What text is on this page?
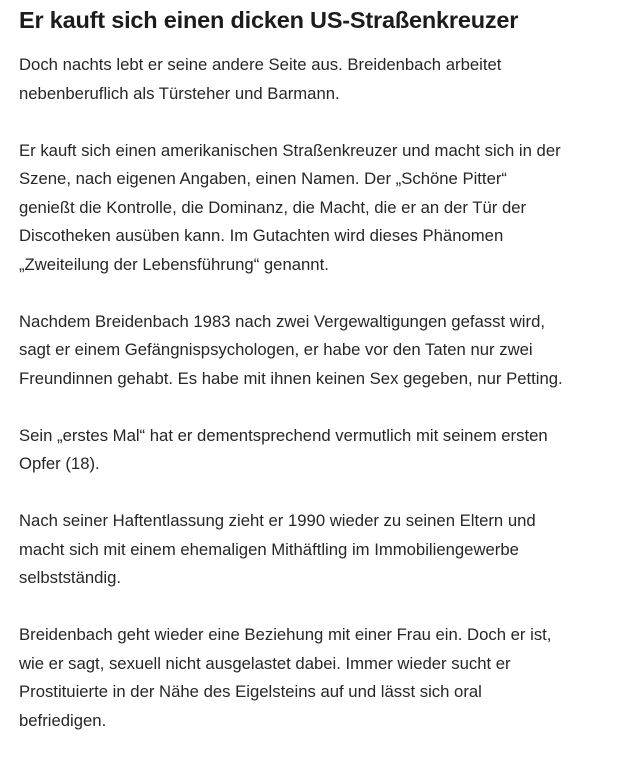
Er kauft sich einen dicken US-Straßenkreuzer

Doch nachts lebt er seine andere Seite aus. Breidenbach arbeitet
nebenberuflich als Türsteher und Barmann.

Er kauft sich einen amerikanischen Straßenkreuzer und macht sich in der
Szene, nach eigenen Angaben, einen Namen. Der „Schöne Pitter“
genießt die Kontrolle, die Dominanz, die Macht, die er an der Tür der
Discotheken ausüben kann. Im Gutachten wird dieses Phänomen
„Zweiteilung der Lebensführung“ genannt.

Nachdem Breidenbach 1983 nach zwei Vergewaltigungen gefasst wird,
sagt er einem Gefängnispsychologen, er habe vor den Taten nur zwei
Freundinnen gehabt. Es habe mit ihnen keinen Sex gegeben, nur Petting.

Sein „erstes Mal“ hat er dementsprechend vermutlich mit seinem ersten
Opfer (18).

Nach seiner Haftentlassung zieht er 1990 wieder zu seinen Eltern und
macht sich mit einem ehemaligen Mithäftling im Immobiliengewerbe
selbstständig.

Breidenbach geht wieder eine Beziehung mit einer Frau ein. Doch er ist,
wie er sagt, sexuell nicht ausgelastet dabei. Immer wieder sucht er
Prostituierte in der Nähe des Eigelsteins auf und lässt sich oral
befriedigen.
